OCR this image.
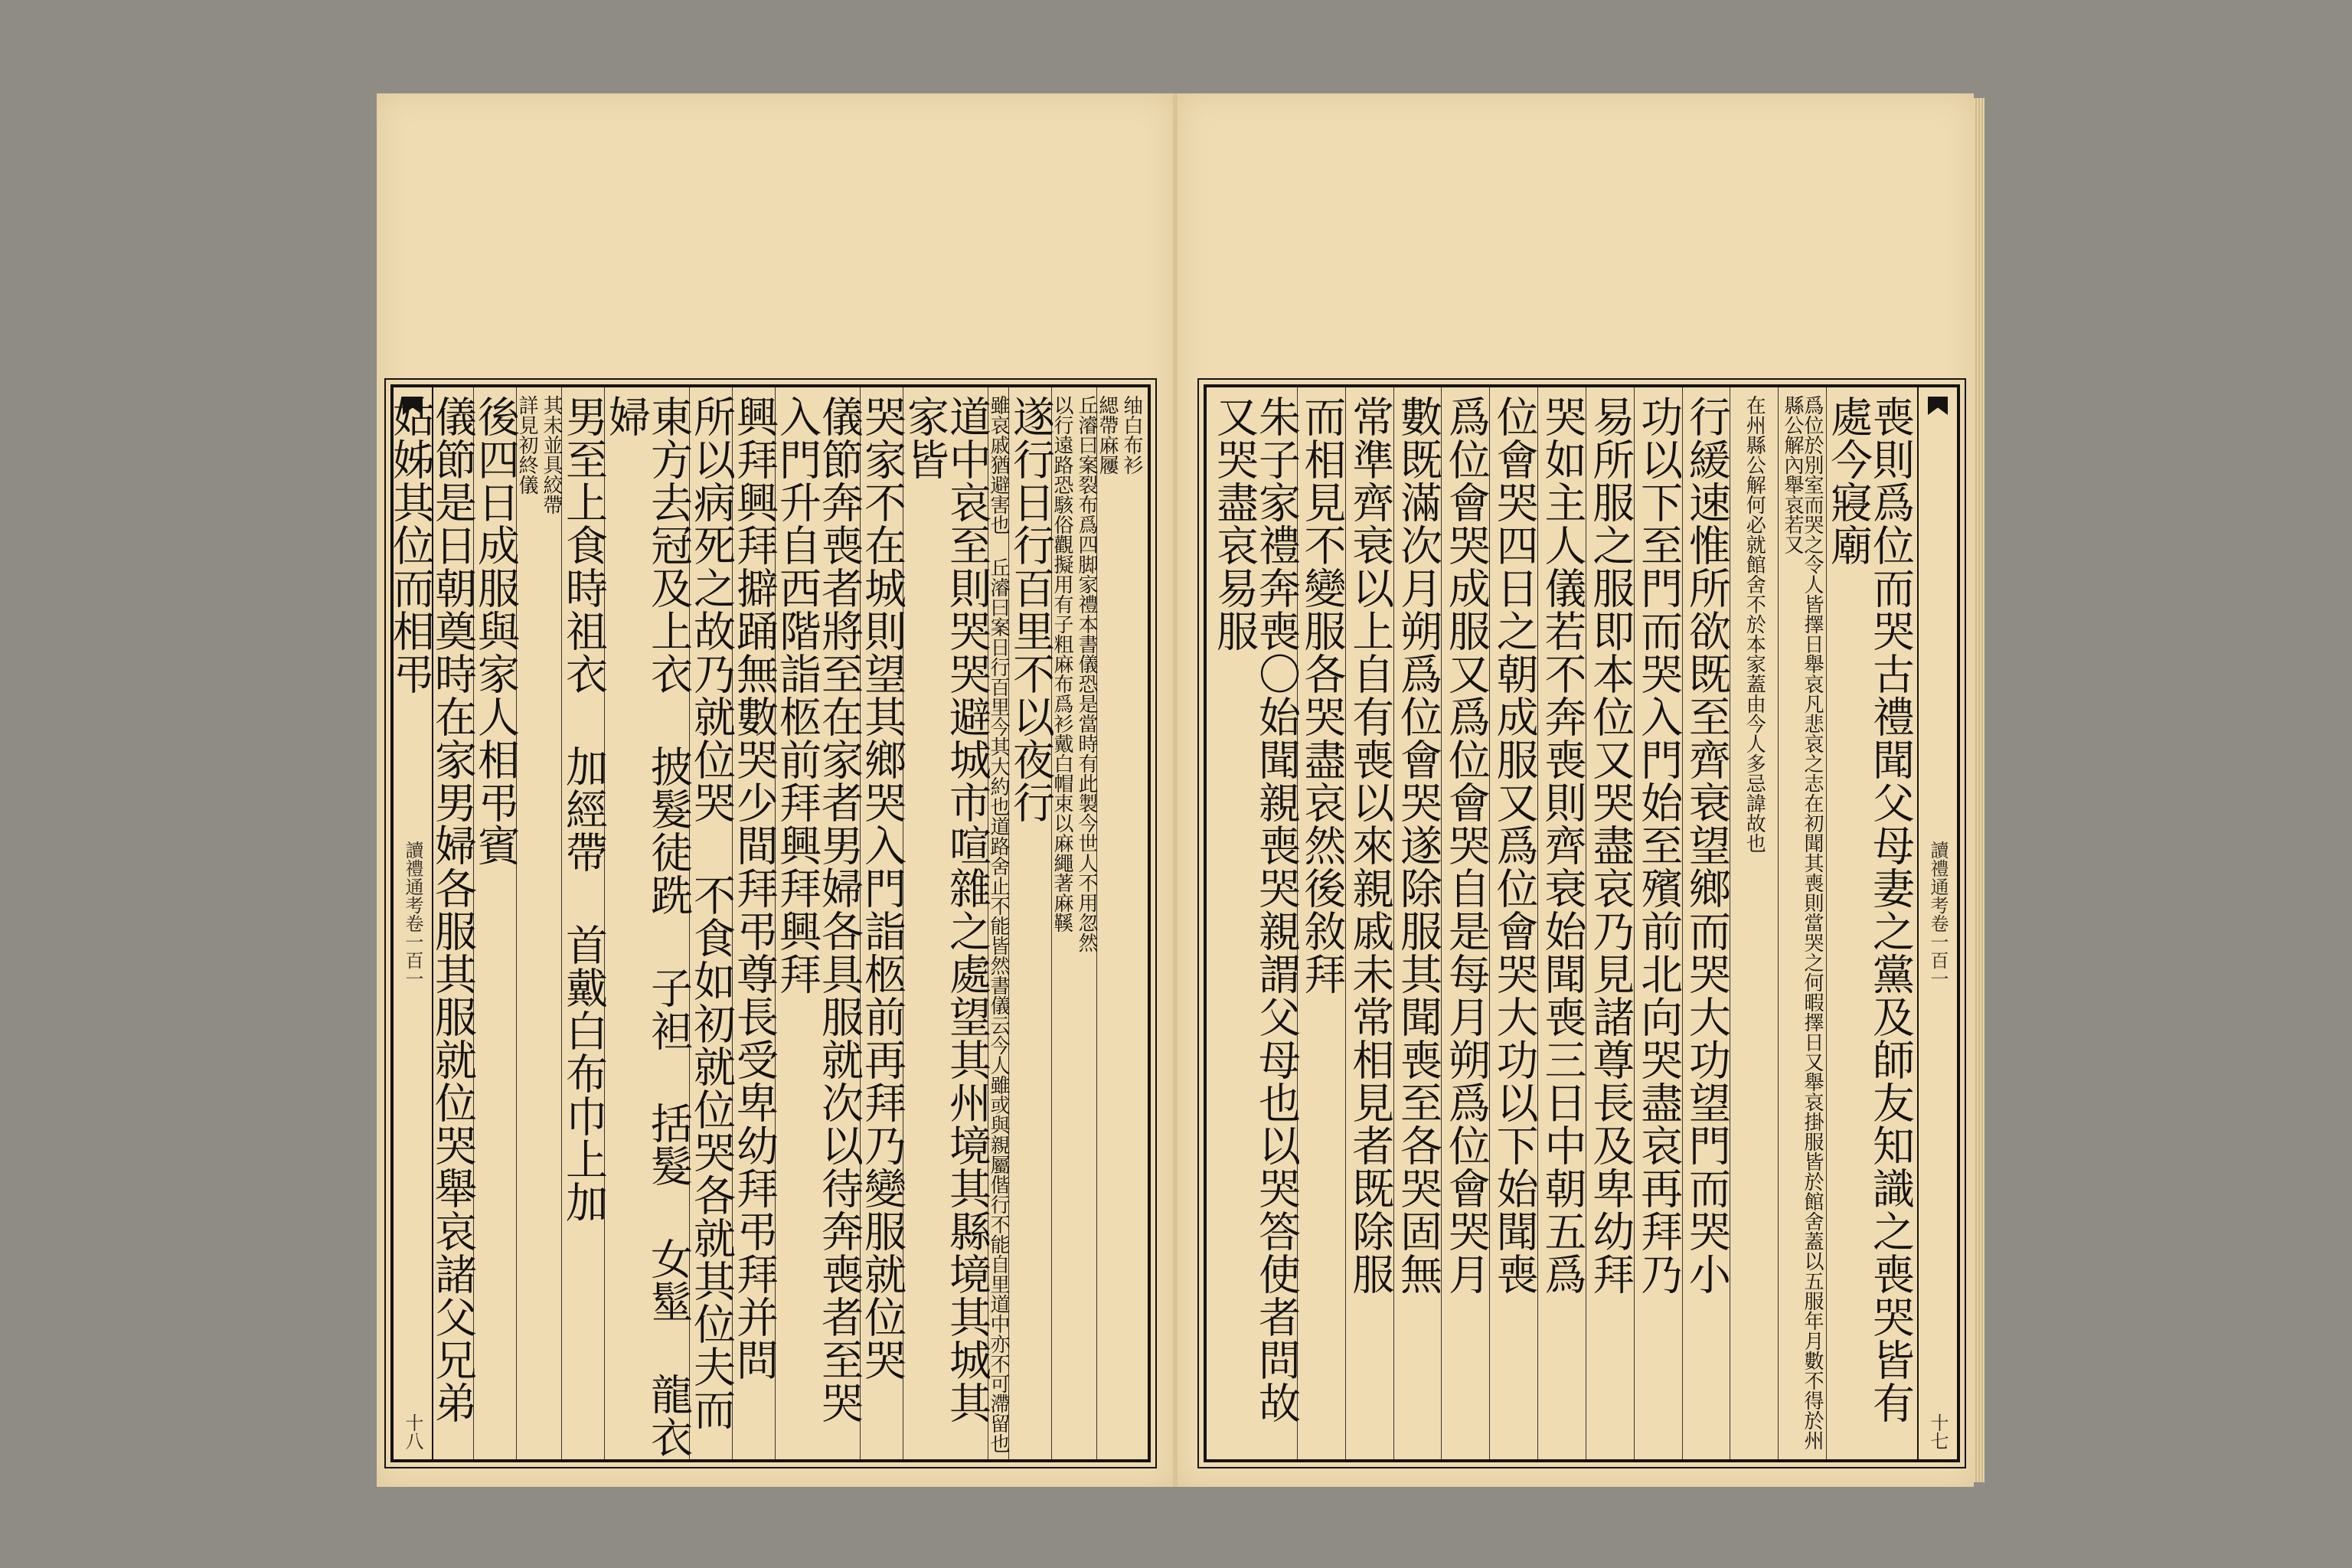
讀禮通考卷一百一
十八
䌷白布衫
緦帶麻屨
丘濬曰案裂布爲四脚家禮本書儀恐是當時有此製今世人不用忽然
以行遠路恐駭俗觀擬用有子粗麻布爲衫戴白帽束以麻繩著麻鞵
遂行日行百里不以夜行
雖哀戚猶避害也 丘濬曰案日行百里今其大約也道路舍止不能皆然書儀云今人雖或與親屬偕行不能自里道中亦不可滯留也
道中哀至則哭哭避城市喧雜之處望其州境其縣境其城其家皆
哭家不在城則望其鄉哭入門詣柩前再拜乃變服就位哭
儀節奔喪者將至在家者男婦各具服就次以待奔喪者至哭入門升自西階詣柩前拜興拜興拜
興拜興拜擗踊無數哭少間拜弔尊長受卑幼拜弔拜并問
所以病死之故乃就位哭 不食如初就位哭各就其位夫而
東方去冠及上衣 披髮徒跣 子袒 括髮 女髽 龍衣 婦
男至上食時祖衣 加經帶 首戴白布巾上加
其未並具絞帶
詳見初終儀
後四日成服與家人相弔賓
儀節是日朝奠時在家男婦各服其服就位哭舉哀諸父兄弟姑姊其位而相弔
讀禮通考卷一百一
十七
喪則爲位而哭古禮聞父母妻之黨及師友知識之喪哭皆有處今寢廟
爲位於別室而哭之令人皆擇日舉哀凡悲哀之志在初聞其喪則當哭之何暇擇日又舉哀掛服皆於館舍蓋以五服年月數不得於州縣公解內舉哀若又
在州縣公解何必就館舍不於本家蓋由今人多忌諱故也
行緩速惟所欲既至齊衰望鄉而哭大功望門而哭小
功以下至門而哭入門始至殯前北向哭盡哀再拜乃
易所服之服即本位又哭盡哀乃見諸尊長及卑幼拜
哭如主人儀若不奔喪則齊衰始聞喪三日中朝五爲
位會哭四日之朝成服又爲位會哭大功以下始聞喪
爲位會哭成服又爲位會哭自是每月朔爲位會哭月
數既滿次月朔爲位會哭遂除服其聞喪至各哭固無
常準齊衰以上自有喪以來親戚未常相見者既除服
而相見不變服各哭盡哀然後敘拜
朱子家禮奔喪〇始聞親喪哭親謂父母也以哭答使者問故又哭盡哀易服
